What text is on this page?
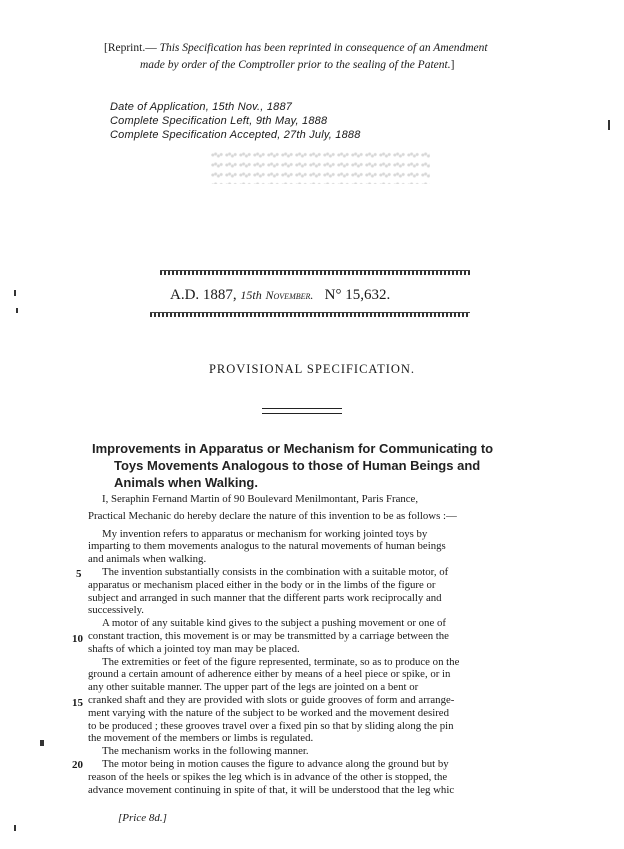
[Reprint.— This Specification has been reprinted in consequence of an Amendment
made by order of the Comptroller prior to the sealing of the Patent.]
Date of Application, 15th Nov., 1887
Complete Specification Left, 9th May, 1888
Complete Specification Accepted, 27th July, 1888
A.D. 1887, 15th November. N° 15,632.
PROVISIONAL SPECIFICATION.
Improvements in Apparatus or Mechanism for Communicating to
Toys Movements Analogous to those of Human Beings and
Animals when Walking.
I, Seraphin Fernand Martin of 90 Boulevard Menilmontant, Paris France,
Practical Mechanic do hereby declare the nature of this invention to be as follows :—
My invention refers to apparatus or mechanism for working jointed toys by
imparting to them movements analogus to the natural movements of human beings
and animals when walking.
The invention substantially consists in the combination with a suitable motor, of
apparatus or mechanism placed either in the body or in the limbs of the figure or
subject and arranged in such manner that the different parts work reciprocally and
successively.
A motor of any suitable kind gives to the subject a pushing movement or one of
constant traction, this movement is or may be transmitted by a carriage between the
shafts of which a jointed toy man may be placed.
The extremities or feet of the figure represented, terminate, so as to produce on the
ground a certain amount of adherence either by means of a heel piece or spike, or in
any other suitable manner. The upper part of the legs are jointed on a bent or
cranked shaft and they are provided with slots or guide grooves of form and arrange-
ment varying with the nature of the subject to be worked and the movement desired
to be produced ; these grooves travel over a fixed pin so that by sliding along the pin
the movement of the members or limbs is regulated.
The mechanism works in the following manner.
The motor being in motion causes the figure to advance along the ground but by
reason of the heels or spikes the leg which is in advance of the other is stopped, the
advance movement continuing in spite of that, it will be understood that the leg whic
5
10
15
20
[Price 8d.]
